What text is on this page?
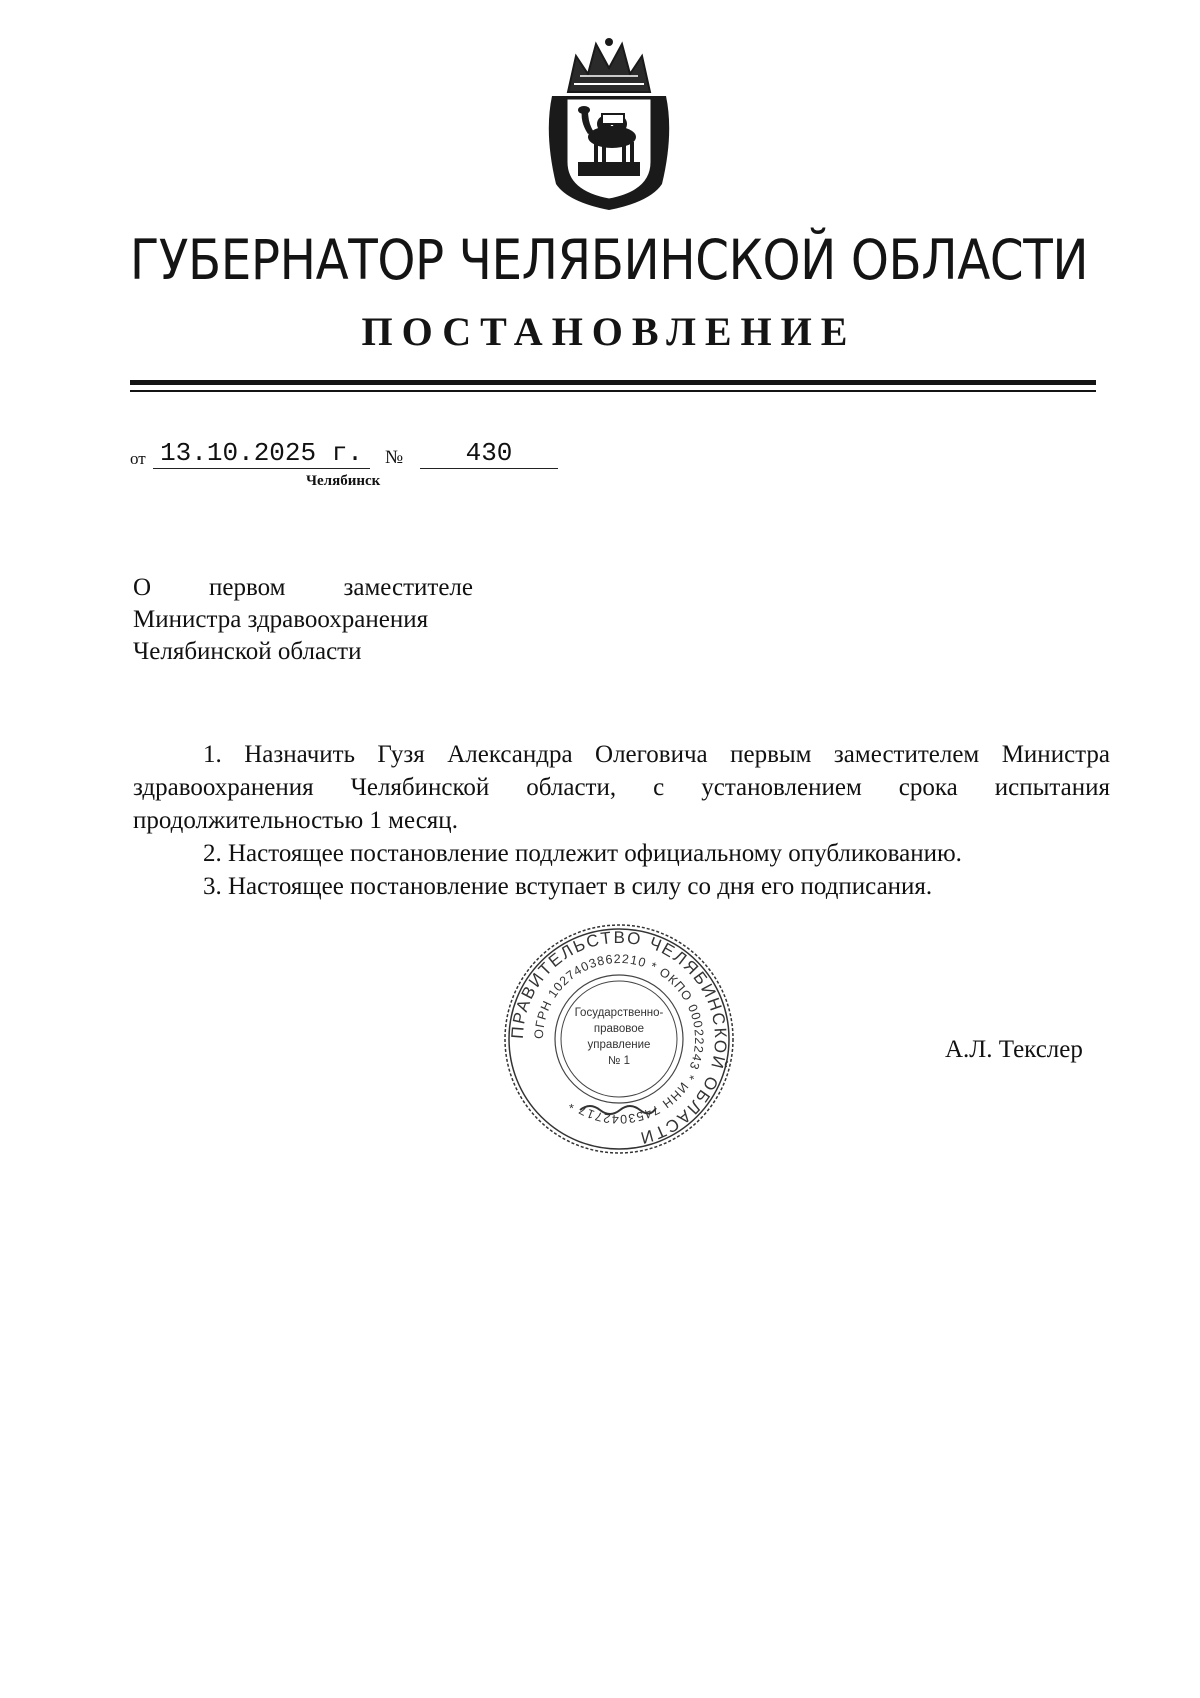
ГУБЕРНАТОР ЧЕЛЯБИНСКОЙ ОБЛАСТИ
ПОСТАНОВЛЕНИЕ
от 13.10.2025 г.	№	430
Челябинск
О первом заместителе
Министра здравоохранения
Челябинской области

1. Назначить Гузя Александра Олеговича первым заместителем Министра здравоохранения Челябинской области, с установлением срока испытания продолжительностью 1 месяц.

2. Настоящее постановление подлежит официальному опубликованию.

3. Настоящее постановление вступает в силу со дня его подписания.

ПРАВИТЕЛЬСТВО ЧЕЛЯБИНСКОЙ ОБЛАСТИ
ОГРН 1027403862210 * ОКПО 00022243 * ИНН 7453042717 *
Государственно-
правовое
управление
№ 1	А.Л. Текслер
